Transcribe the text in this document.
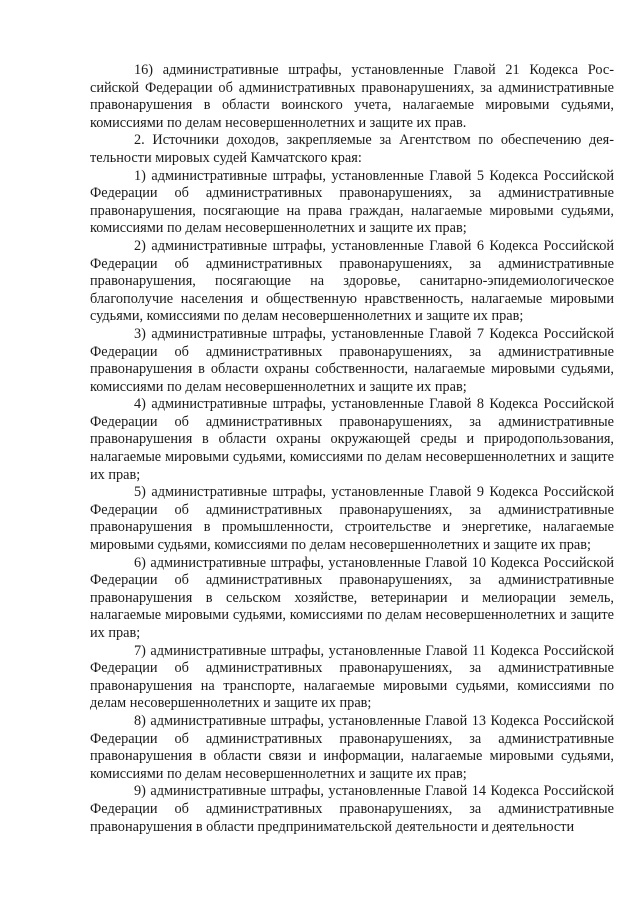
16) административные штрафы, установленные Главой 21 Кодекса Российской Федерации об административных правонарушениях, за административные правонарушения в области воинского учета, налагаемые мировыми судьями, комиссиями по делам несовершеннолетних и защите их прав.

2. Источники доходов, закрепляемые за Агентством по обеспечению деятельности мировых судей Камчатского края:

1) административные штрафы, установленные Главой 5 Кодекса Российской Федерации об административных правонарушениях, за административные правонарушения, посягающие на права граждан, налагаемые мировыми судьями, комиссиями по делам несовершеннолетних и защите их прав;

2) административные штрафы, установленные Главой 6 Кодекса Российской Федерации об административных правонарушениях, за административные правонарушения, посягающие на здоровье, санитарно-эпидемиологическое благополучие населения и общественную нравственность, налагаемые мировыми судьями, комиссиями по делам несовершеннолетних и защите их прав;

3) административные штрафы, установленные Главой 7 Кодекса Российской Федерации об административных правонарушениях, за административные правонарушения в области охраны собственности, налагаемые мировыми судьями, комиссиями по делам несовершеннолетних и защите их прав;

4) административные штрафы, установленные Главой 8 Кодекса Российской Федерации об административных правонарушениях, за административные правонарушения в области охраны окружающей среды и природопользования, налагаемые мировыми судьями, комиссиями по делам несовершеннолетних и защите их прав;

5) административные штрафы, установленные Главой 9 Кодекса Российской Федерации об административных правонарушениях, за административные правонарушения в промышленности, строительстве и энергетике, налагаемые мировыми судьями, комиссиями по делам несовершеннолетних и защите их прав;

6) административные штрафы, установленные Главой 10 Кодекса Российской Федерации об административных правонарушениях, за административные правонарушения в сельском хозяйстве, ветеринарии и мелиорации земель, налагаемые мировыми судьями, комиссиями по делам несовершеннолетних и защите их прав;

7) административные штрафы, установленные Главой 11 Кодекса Российской Федерации об административных правонарушениях, за административные правонарушения на транспорте, налагаемые мировыми судьями, комиссиями по делам несовершеннолетних и защите их прав;

8) административные штрафы, установленные Главой 13 Кодекса Российской Федерации об административных правонарушениях, за административные правонарушения в области связи и информации, налагаемые мировыми судьями, комиссиями по делам несовершеннолетних и защите их прав;

9) административные штрафы, установленные Главой 14 Кодекса Российской Федерации об административных правонарушениях, за административные правонарушения в области предпринимательской деятельности и деятельности
